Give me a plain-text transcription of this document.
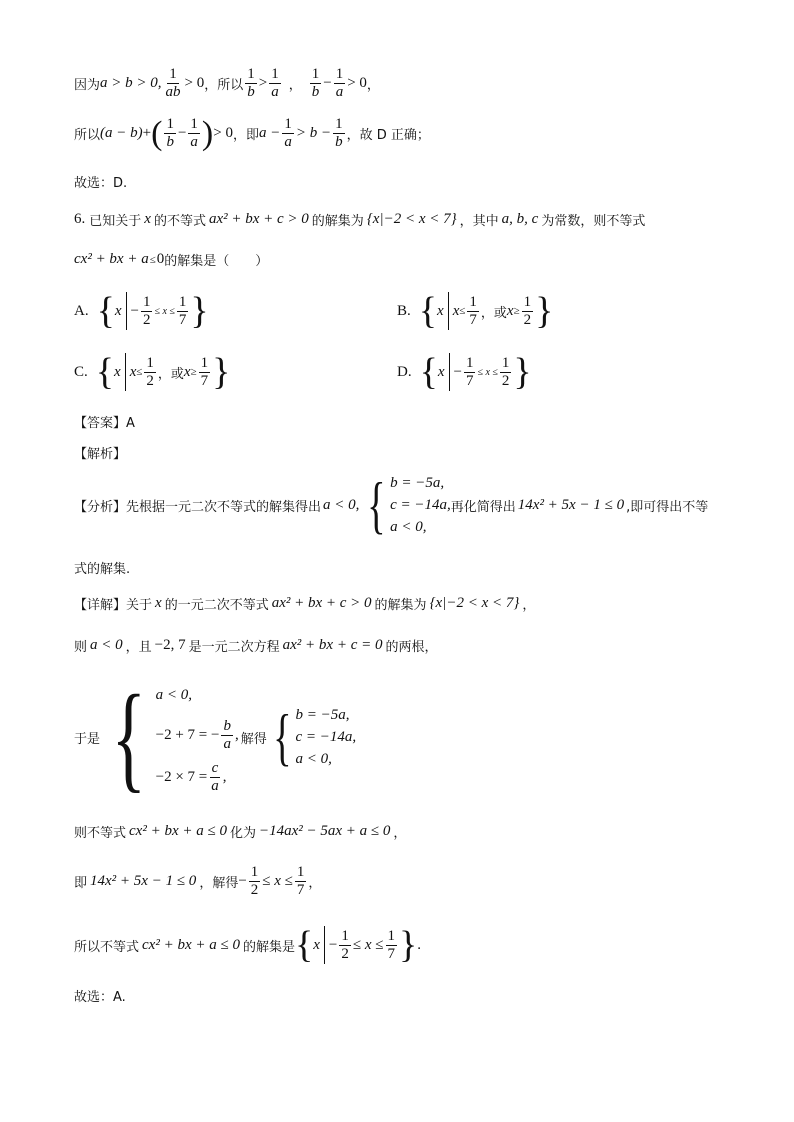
因为 a > b > 0, $\frac{1}{ab} > 0$ ，所以 $\frac{1}{b} > \frac{1}{a}$ ， $\frac{1}{b} - \frac{1}{a} > 0$ ，
所以 (a − b) + ( $\frac{1}{b} - \frac{1}{a}$ ) > 0 ，即 $a - \frac{1}{a} > b - \frac{1}{b}$ ，故 D 正确；
故选：D.
6. 已知关于 x 的不等式 ax² + bx + c > 0 的解集为 {x|−2 < x < 7} ，其中 a, b, c 为常数，则不等式
cx² + bx + a ≤ 0 的解集是（　　）
A. { $x - \frac{1}{2} \le x \le \frac{1}{7}$ }	B. { x $x \le \frac{1}{7}$ ，或 $x \ge \frac{1}{2}$ }
C. { x $x \le \frac{1}{2}$ ，或 $x \ge \frac{1}{7}$ }	D. { $x - \frac{1}{7} \le x \le \frac{1}{2}$ }
【答案】A
【解析】
【分析】先根据一元二次不等式的解集得出 a < 0, { b = −5a,
c = −14a,
a < 0,
再化简得出 14x² + 5x − 1 ≤ 0 ,即可得出不等
式的解集.
【详解】关于 x 的一元二次不等式 ax² + bx + c > 0 的解集为 {x|−2 < x < 7} ，
则 a < 0 ，且 −2, 7 是一元二次方程 ax² + bx + c = 0 的两根，
于是 { a < 0,
−2 + 7 = − $\frac{b}{a}$ ,
$-2 \times 7 = \frac{c}{a}$ ,
解得 { b = −5a,
c = −14a,
a < 0,
则不等式 cx² + bx + a ≤ 0 化为 −14ax² − 5ax + a ≤ 0 ，
即 14x² + 5x − 1 ≤ 0 ，解得 − $\frac{1}{2} \le x \le \frac{1}{7}$ ，
所以不等式 cx² + bx + a ≤ 0 的解集是 { $x - \frac{1}{2} \le x \le \frac{1}{7}$ } .
故选：A.
